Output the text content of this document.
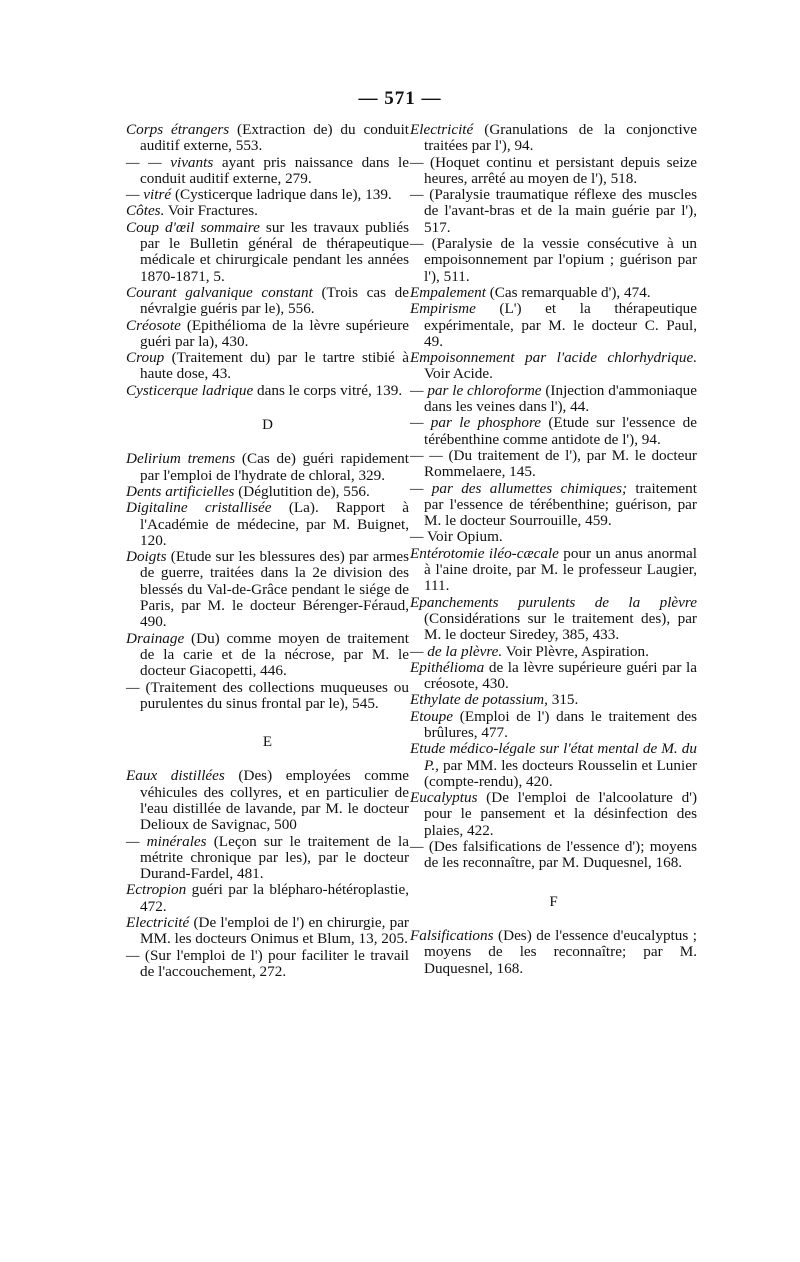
— 571 —

Corps étrangers (Extraction de) du conduit auditif externe, 553.

— — vivants ayant pris naissance dans le conduit auditif externe, 279.

— vitré (Cysticerque ladrique dans le), 139.

Côtes. Voir Fractures.

Coup d'œil sommaire sur les travaux publiés par le Bulletin général de thérapeutique médicale et chirurgicale pendant les années 1870-1871, 5.

Courant galvanique constant (Trois cas de névralgie guéris par le), 556.

Créosote (Epithélioma de la lèvre supérieure guéri par la), 430.

Croup (Traitement du) par le tartre stibié à haute dose, 43.

Cysticerque ladrique dans le corps vitré, 139.

D

Delirium tremens (Cas de) guéri rapidement par l'emploi de l'hydrate de chloral, 329.

Dents artificielles (Déglutition de), 556.

Digitaline cristallisée (La). Rapport à l'Académie de médecine, par M. Buignet, 120.

Doigts (Etude sur les blessures des) par armes de guerre, traitées dans la 2e division des blessés du Val-de-Grâce pendant le siége de Paris, par M. le docteur Bérenger-Féraud, 490.

Drainage (Du) comme moyen de traitement de la carie et de la nécrose, par M. le docteur Giacopetti, 446.

— (Traitement des collections muqueuses ou purulentes du sinus frontal par le), 545.

E

Eaux distillées (Des) employées comme véhicules des collyres, et en particulier de l'eau distillée de lavande, par M. le docteur Delioux de Savignac, 500

— minérales (Leçon sur le traitement de la métrite chronique par les), par le docteur Durand-Fardel, 481.

Ectropion guéri par la blépharo-hétéroplastie, 472.

Electricité (De l'emploi de l') en chirurgie, par MM. les docteurs Onimus et Blum, 13, 205.

— (Sur l'emploi de l') pour faciliter le travail de l'accouchement, 272.

Electricité (Granulations de la conjonctive traitées par l'), 94.

— (Hoquet continu et persistant depuis seize heures, arrêté au moyen de l'), 518.

— (Paralysie traumatique réflexe des muscles de l'avant-bras et de la main guérie par l'), 517.

— (Paralysie de la vessie consécutive à un empoisonnement par l'opium ; guérison par l'), 511.

Empalement (Cas remarquable d'), 474.

Empirisme (L') et la thérapeutique expérimentale, par M. le docteur C. Paul, 49.

Empoisonnement par l'acide chlorhydrique. Voir Acide.

— par le chloroforme (Injection d'ammoniaque dans les veines dans l'), 44.

— par le phosphore (Etude sur l'essence de térébenthine comme antidote de l'), 94.

— — (Du traitement de l'), par M. le docteur Rommelaere, 145.

— par des allumettes chimiques; traitement par l'essence de térébenthine; guérison, par M. le docteur Sourrouille, 459.

— Voir Opium.

Entérotomie iléo-cæcale pour un anus anormal à l'aine droite, par M. le professeur Laugier, 111.

Epanchements purulents de la plèvre (Considérations sur le traitement des), par M. le docteur Siredey, 385, 433.

— de la plèvre. Voir Plèvre, Aspiration.

Epithélioma de la lèvre supérieure guéri par la créosote, 430.

Ethylate de potassium, 315.

Etoupe (Emploi de l') dans le traitement des brûlures, 477.

Etude médico-légale sur l'état mental de M. du P., par MM. les docteurs Rousselin et Lunier (compte-rendu), 420.

Eucalyptus (De l'emploi de l'alcoolature d') pour le pansement et la désinfection des plaies, 422.

— (Des falsifications de l'essence d'); moyens de les reconnaître, par M. Duquesnel, 168.

F

Falsifications (Des) de l'essence d'eucalyptus ; moyens de les reconnaître; par M. Duquesnel, 168.
